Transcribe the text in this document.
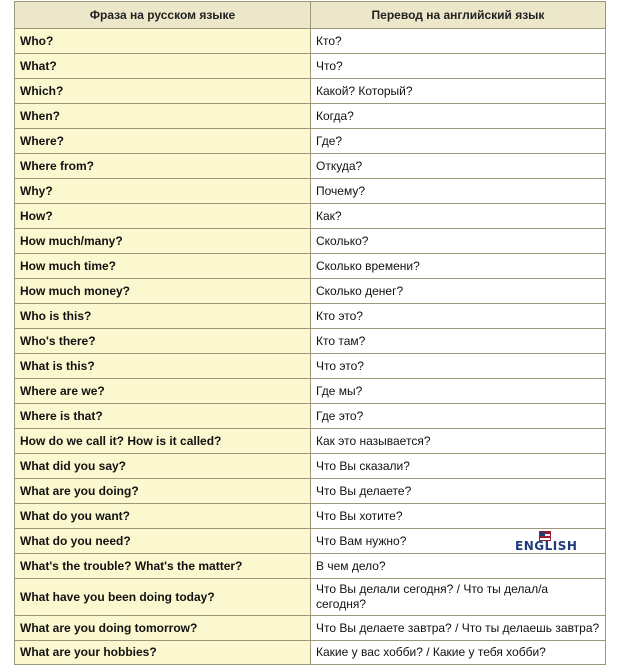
Фраза на русском языке	Перевод на английский язык
Who?	Кто?
What?	Что?
Which?	Какой? Который?
When?	Когда?
Where?	Где?
Where from?	Откуда?
Why?	Почему?
How?	Как?
How much/many?	Сколько?
How much time?	Сколько времени?
How much money?	Сколько денег?
Who is this?	Кто это?
Who's there?	Кто там?
What is this?	Что это?
Where are we?	Где мы?
Where is that?	Где это?
How do we call it? How is it called?	Как это называется?
What did you say?	Что Вы сказали?
What are you doing?	Что Вы делаете?
What do you want?	Что Вы хотите?
What do you need?	Что Вам нужно? ENGLISH

What's the trouble? What's the matter?	В чем дело?
What have you been doing today?	Что Вы делали сегодня? / Что ты делал/а сегодня?
What are you doing tomorrow?	Что Вы делаете завтра? / Что ты делаешь завтра?
What are your hobbies?	Какие у вас хобби? / Какие у тебя хобби?
